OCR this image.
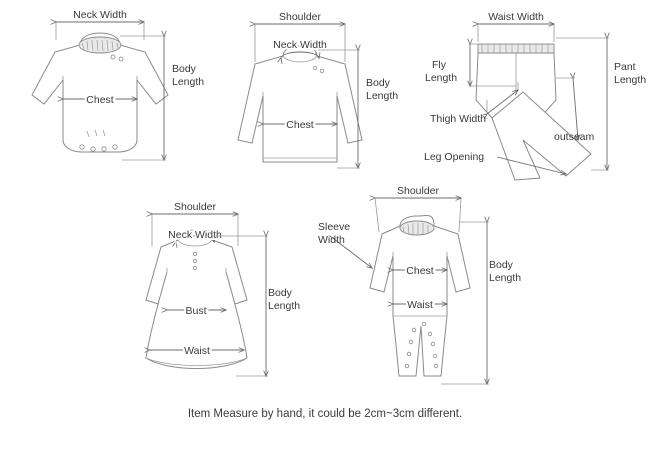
Neck Width
Body
Length
Chest
Shoulder
Neck Width
Body
Length
Chest
Waist Width
Fly
Length
Pant
Length
Thigh Width
outseam
Leg Opening
Shoulder
Neck Width
Body
Length
Bust
Waist
Shoulder
Sleeve
Width
Body
Length
Chest
Waist
Item Measure by hand, it could be 2cm~3cm different.
